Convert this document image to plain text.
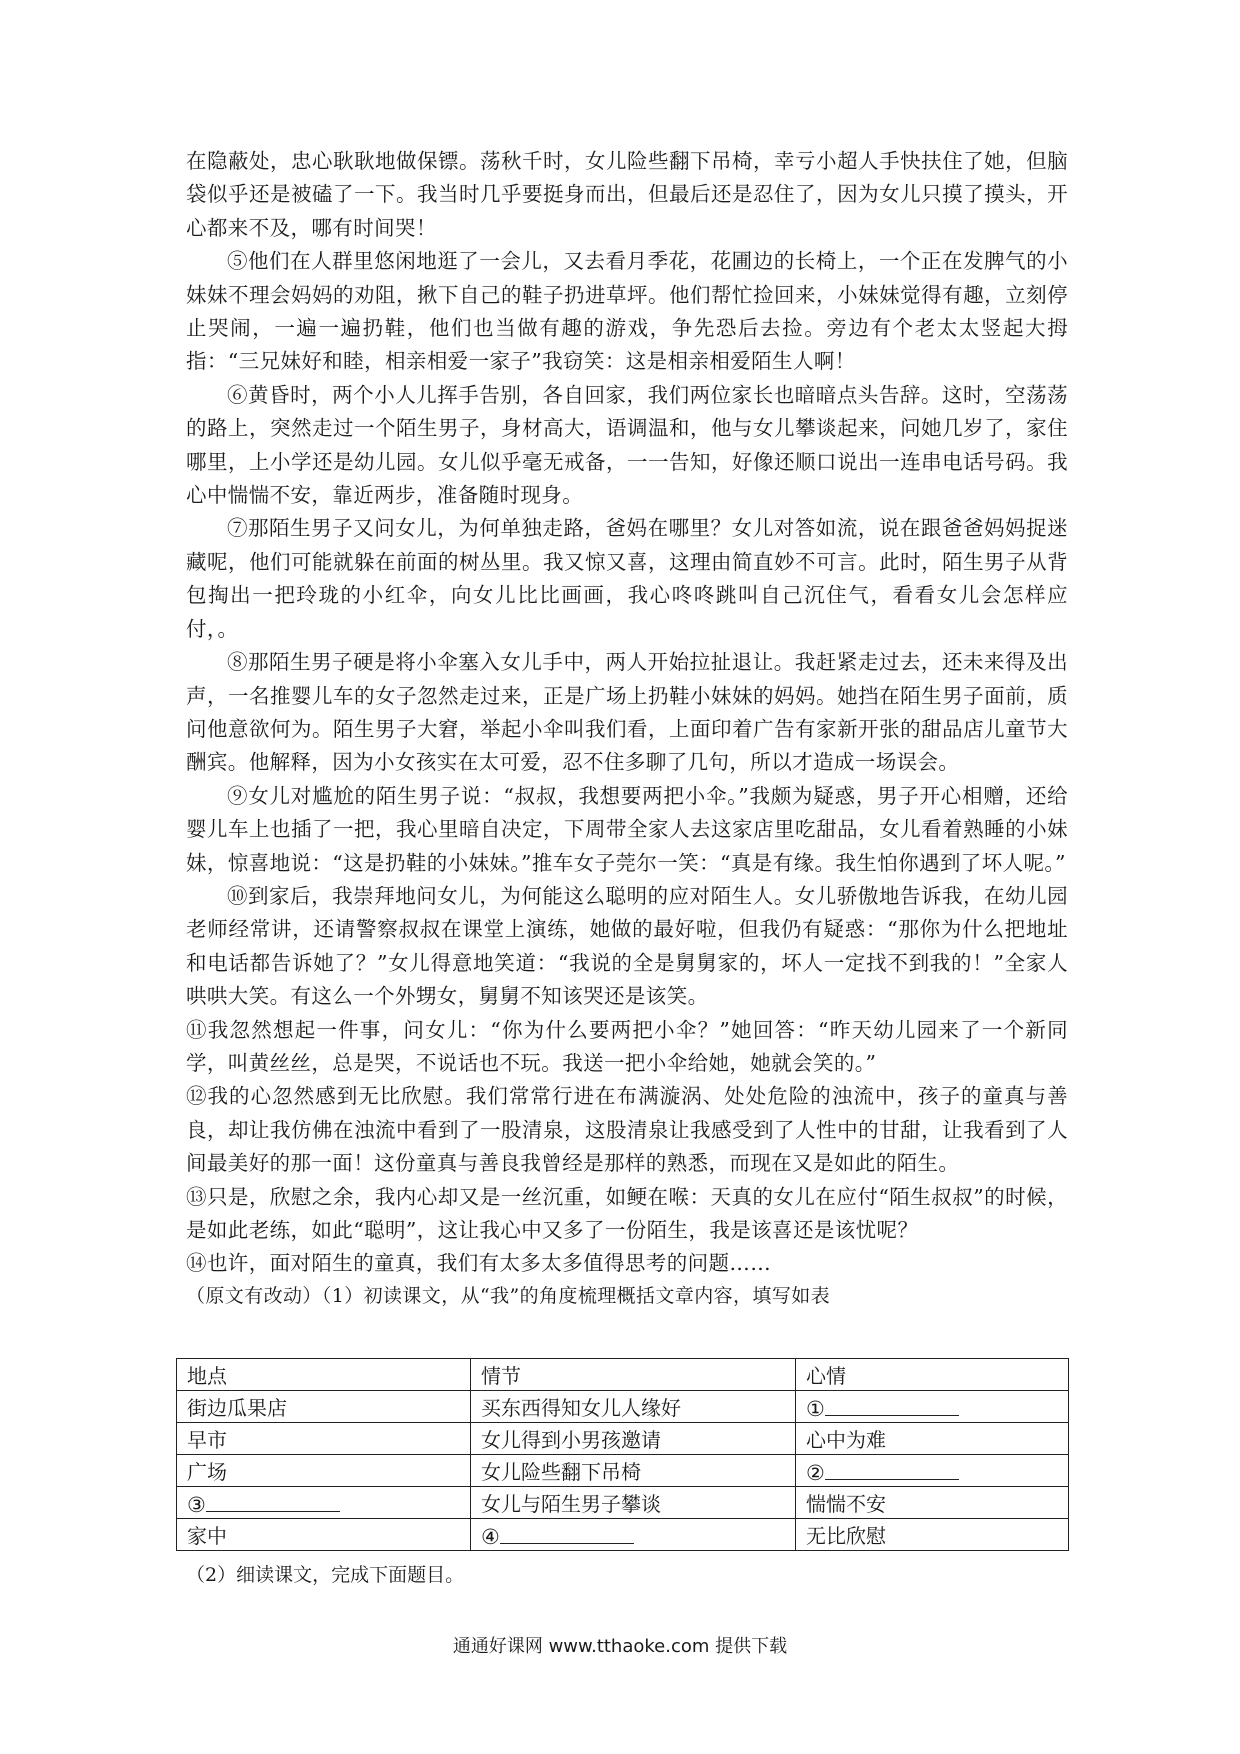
在隐蔽处，忠心耿耿地做保镖。荡秋千时，女儿险些翻下吊椅，幸亏小超人手快扶住了她，但脑袋似乎还是被磕了一下。我当时几乎要挺身而出，但最后还是忍住了，因为女儿只摸了摸头，开心都来不及，哪有时间哭！

⑤他们在人群里悠闲地逛了一会儿，又去看月季花，花圃边的长椅上，一个正在发脾气的小妹妹不理会妈妈的劝阻，揪下自己的鞋子扔进草坪。他们帮忙捡回来，小妹妹觉得有趣，立刻停止哭闹，一遍一遍扔鞋，他们也当做有趣的游戏，争先恐后去捡。旁边有个老太太竖起大拇指：“三兄妹好和睦，相亲相爱一家子”我窃笑：这是相亲相爱陌生人啊！

⑥黄昏时，两个小人儿挥手告别，各自回家，我们两位家长也暗暗点头告辞。这时，空荡荡的路上，突然走过一个陌生男子，身材高大，语调温和，他与女儿攀谈起来，问她几岁了，家住哪里，上小学还是幼儿园。女儿似乎毫无戒备，一一告知，好像还顺口说出一连串电话号码。我心中惴惴不安，靠近两步，准备随时现身。

⑦那陌生男子又问女儿，为何单独走路，爸妈在哪里？女儿对答如流，说在跟爸爸妈妈捉迷藏呢，他们可能就躲在前面的树丛里。我又惊又喜，这理由简直妙不可言。此时，陌生男子从背包掏出一把玲珑的小红伞，向女儿比比画画，我心咚咚跳叫自己沉住气，看看女儿会怎样应付，。

⑧那陌生男子硬是将小伞塞入女儿手中，两人开始拉扯退让。我赶紧走过去，还未来得及出声，一名推婴儿车的女子忽然走过来，正是广场上扔鞋小妹妹的妈妈。她挡在陌生男子面前，质问他意欲何为。陌生男子大窘，举起小伞叫我们看，上面印着广告有家新开张的甜品店儿童节大酬宾。他解释，因为小女孩实在太可爱，忍不住多聊了几句，所以才造成一场误会。

⑨女儿对尴尬的陌生男子说：“叔叔，我想要两把小伞。”我颇为疑惑，男子开心相赠，还给婴儿车上也插了一把，我心里暗自决定，下周带全家人去这家店里吃甜品，女儿看着熟睡的小妹妹，惊喜地说：“这是扔鞋的小妹妹。”推车女子莞尔一笑：“真是有缘。我生怕你遇到了坏人呢。”

⑩到家后，我崇拜地问女儿，为何能这么聪明的应对陌生人。女儿骄傲地告诉我，在幼儿园老师经常讲，还请警察叔叔在课堂上演练，她做的最好啦，但我仍有疑惑：“那你为什么把地址和电话都告诉她了？”女儿得意地笑道：“我说的全是舅舅家的，坏人一定找不到我的！”全家人哄哄大笑。有这么一个外甥女，舅舅不知该哭还是该笑。

⑪我忽然想起一件事，问女儿：“你为什么要两把小伞？”她回答：“昨天幼儿园来了一个新同学，叫黄丝丝，总是哭，不说话也不玩。我送一把小伞给她，她就会笑的。”

⑫我的心忽然感到无比欣慰。我们常常行进在布满漩涡、处处危险的浊流中，孩子的童真与善良，却让我仿佛在浊流中看到了一股清泉，这股清泉让我感受到了人性中的甘甜，让我看到了人间最美好的那一面！这份童真与善良我曾经是那样的熟悉，而现在又是如此的陌生。

⑬只是，欣慰之余，我内心却又是一丝沉重，如鲠在喉：天真的女儿在应付“陌生叔叔”的时候，是如此老练，如此“聪明”，这让我心中又多了一份陌生，我是该喜还是该忧呢？

⑭也许，面对陌生的童真，我们有太多太多值得思考的问题……

（原文有改动）（1）初读课文，从“我”的角度梳理概括文章内容，填写如表

地点	情节	心情
街边瓜果店	买东西得知女儿人缘好	①
早市	女儿得到小男孩邀请	心中为难
广场	女儿险些翻下吊椅	②
③	女儿与陌生男子攀谈	惴惴不安
家中	④	无比欣慰
（2）细读课文，完成下面题目。
通通好课网 www.tthaoke.com 提供下载
